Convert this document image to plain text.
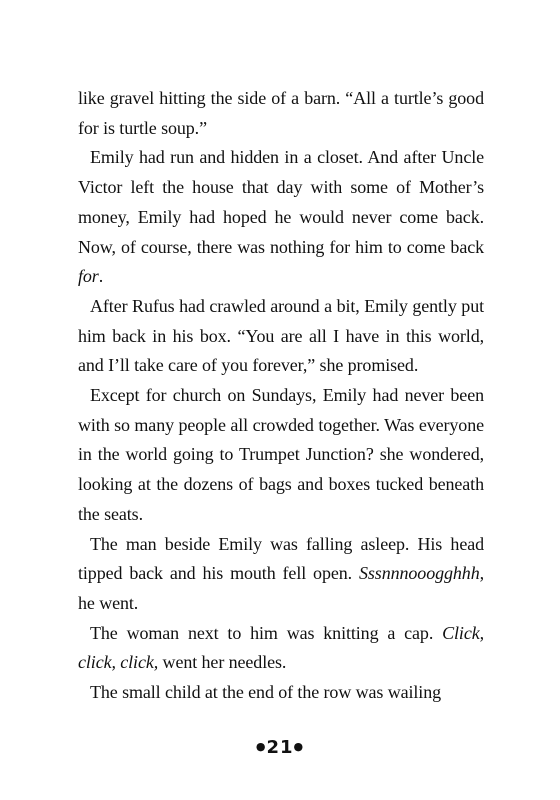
like gravel hitting the side of a barn. “All a turtle’s good for is turtle soup.”

Emily had run and hidden in a closet. And after Uncle Victor left the house that day with some of Mother’s money, Emily had hoped he would never come back. Now, of course, there was nothing for him to come back for.

After Rufus had crawled around a bit, Emily gently put him back in his box. “You are all I have in this world, and I’ll take care of you forever,” she promised.

Except for church on Sundays, Emily had never been with so many people all crowded together. Was everyone in the world going to Trumpet Junction? she wondered, looking at the dozens of bags and boxes tucked beneath the seats.

The man beside Emily was falling asleep. His head tipped back and his mouth fell open. Sssnnnooogghhh, he went.

The woman next to him was knitting a cap. Click, click, click, went her needles.

The small child at the end of the row was wailing

●21●
